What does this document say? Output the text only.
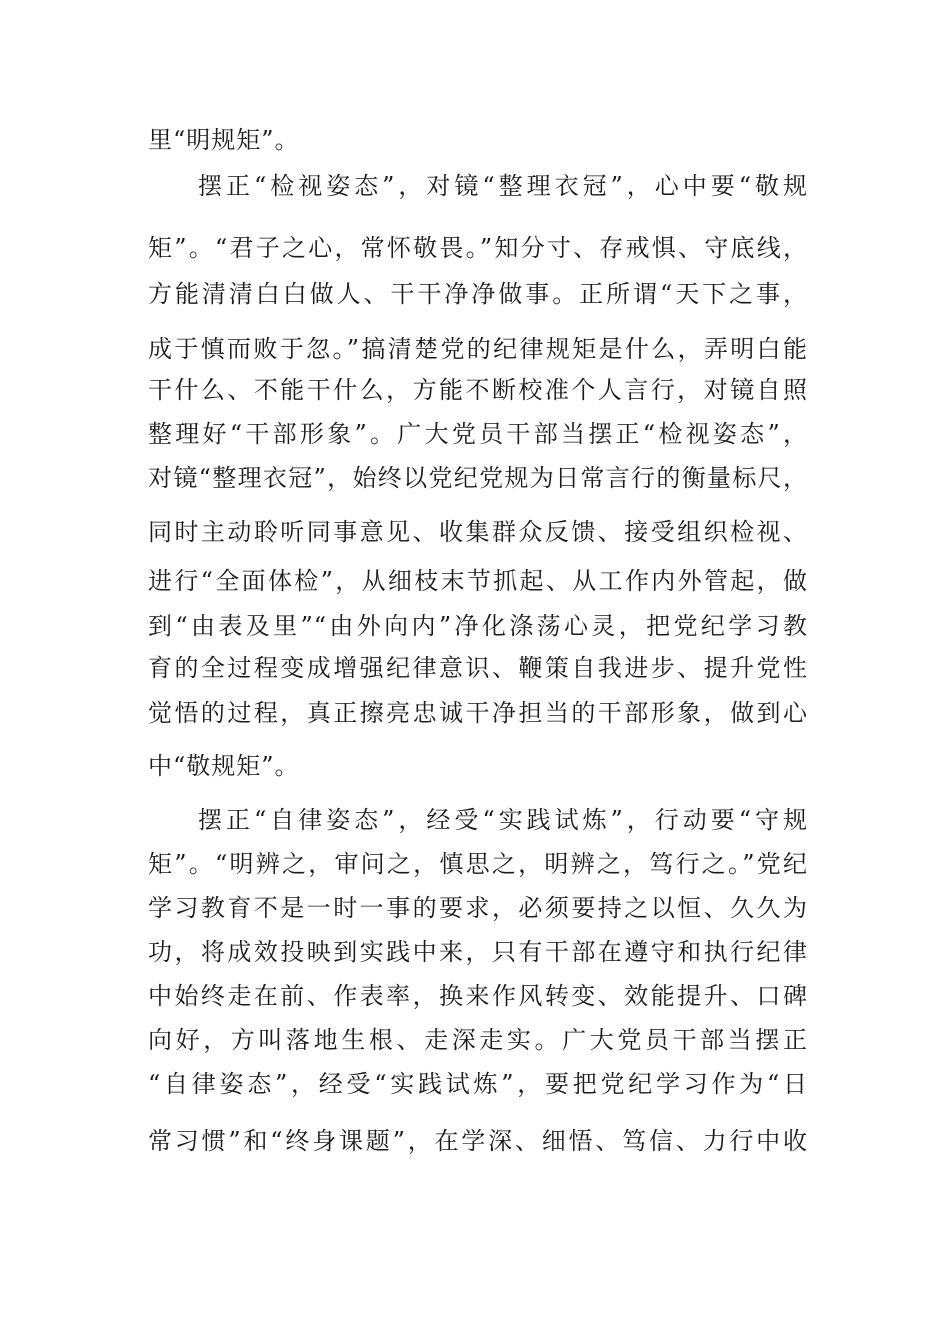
里“明规矩”。
摆正“检视姿态”，对镜“整理衣冠”，心中要“敬规
矩”。“君子之心，常怀敬畏。”知分寸、存戒惧、守底线，
方能清清白白做人、干干净净做事。正所谓“天下之事，
成于慎而败于忽。”搞清楚党的纪律规矩是什么，弄明白能
干什么、不能干什么，方能不断校准个人言行，对镜自照
整理好“干部形象”。广大党员干部当摆正“检视姿态”，
对镜“整理衣冠”，始终以党纪党规为日常言行的衡量标尺，
同时主动聆听同事意见、收集群众反馈、接受组织检视、
进行“全面体检”，从细枝末节抓起、从工作内外管起，做
到“由表及里”“由外向内”净化涤荡心灵，把党纪学习教
育的全过程变成增强纪律意识、鞭策自我进步、提升党性
觉悟的过程，真正擦亮忠诚干净担当的干部形象，做到心
中“敬规矩”。
摆正“自律姿态”，经受“实践试炼”，行动要“守规
矩”。“明辨之，审问之，慎思之，明辨之，笃行之。”党纪
学习教育不是一时一事的要求，必须要持之以恒、久久为
功，将成效投映到实践中来，只有干部在遵守和执行纪律
中始终走在前、作表率，换来作风转变、效能提升、口碑
向好，方叫落地生根、走深走实。广大党员干部当摆正
“自律姿态”，经受“实践试炼”，要把党纪学习作为“日
常习惯”和“终身课题”，在学深、细悟、笃信、力行中收
